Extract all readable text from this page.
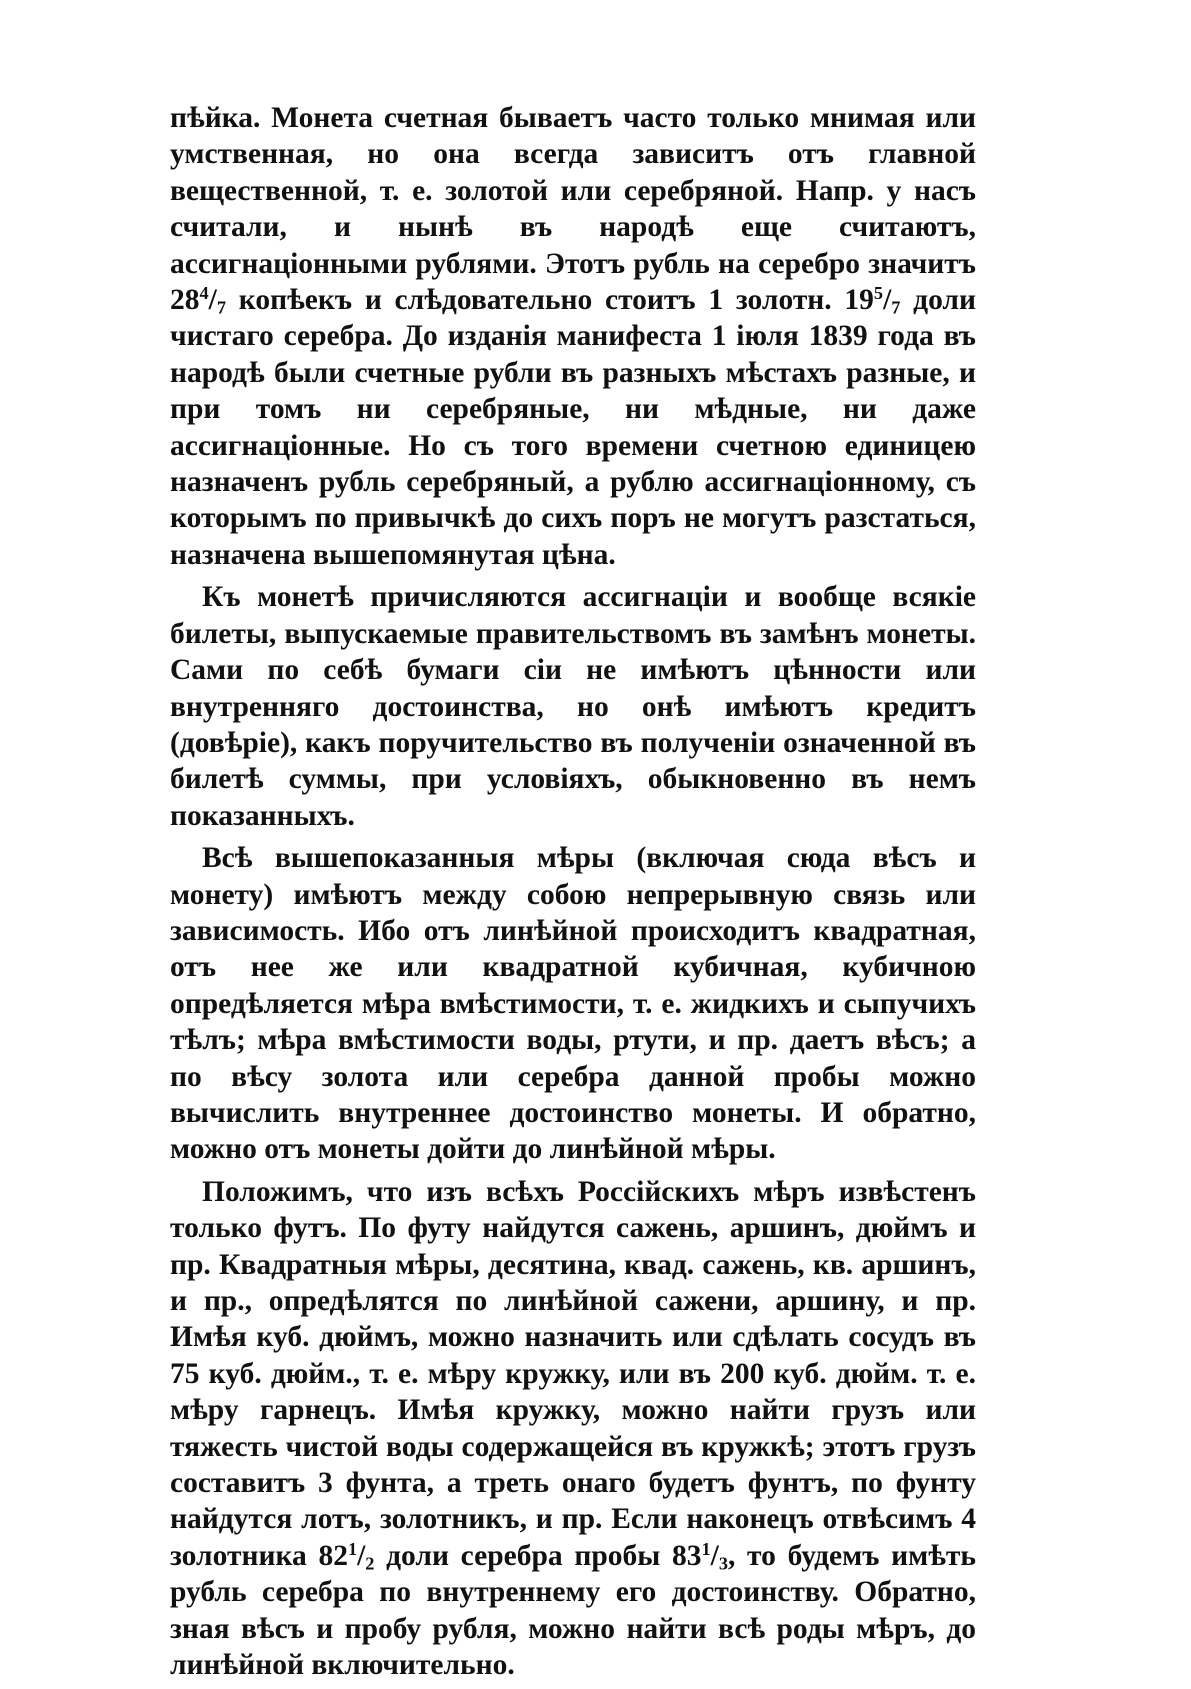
пѣйка. Монета счетная бываетъ часто только мнимая или умственная, но она всегда зависитъ отъ главной вещественной, т. е. золотой или серебряной. Напр. у насъ считали, и нынѣ въ народѣ еще считаютъ, ассигнаціонными рублями. Этотъ рубль на серебро значитъ $28^4/_7$ копѣекъ и слѣдовательно стоитъ 1 золотн. $19^5/_7$ доли чистаго серебра. До изданія манифеста 1 іюля 1839 года въ народѣ были счетные рубли въ разныхъ мѣстахъ разные, и при томъ ни серебряные, ни мѣдные, ни даже ассигнаціонные. Но съ того времени счетною единицею назначенъ рубль серебряный, а рублю ассигнаціонному, съ которымъ по привычкѣ до сихъ поръ не могутъ разстаться, назначена вышепомянутая цѣна.

Къ монетѣ причисляются ассигнаціи и вообще всякіе билеты, выпускаемые правительствомъ въ замѣнъ монеты. Сами по себѣ бумаги сіи не имѣютъ цѣнности или внутренняго достоинства, но онѣ имѣютъ кредитъ (довѣріе), какъ поручительство въ полученіи означенной въ билетѣ суммы, при условіяхъ, обыкновенно въ немъ показанныхъ.

Всѣ вышепоказанныя мѣры (включая сюда вѣсъ и монету) имѣютъ между собою непрерывную связь или зависимость. Ибо отъ линѣйной происходитъ квадратная, отъ нее же или квадратной кубичная, кубичною опредѣляется мѣра вмѣстимости, т. е. жидкихъ и сыпучихъ тѣлъ; мѣра вмѣстимости воды, ртути, и пр. даетъ вѣсъ; а по вѣсу золота или серебра данной пробы можно вычислить внутреннее достоинство монеты. И обратно, можно отъ монеты дойти до линѣйной мѣры.

Положимъ, что изъ всѣхъ Россійскихъ мѣръ извѣстенъ только футъ. По футу найдутся сажень, аршинъ, дюймъ и пр. Квадратныя мѣры, десятина, квад. сажень, кв. аршинъ, и пр., опредѣлятся по линѣйной сажени, аршину, и пр. Имѣя куб. дюймъ, можно назначить или сдѣлать сосудъ въ 75 куб. дюйм., т. е. мѣру кружку, или въ 200 куб. дюйм. т. е. мѣру гарнецъ. Имѣя кружку, можно найти грузъ или тяжесть чистой воды содержащейся въ кружкѣ; этотъ грузъ составитъ 3 фунта, а треть онаго будетъ фунтъ, по фунту найдутся лотъ, золотникъ, и пр. Если наконецъ отвѣсимъ 4 золотника $82^1/_2$ доли серебра пробы $83^1/_3$, то будемъ имѣть рубль серебра по внутреннему его достоинству. Обратно, зная вѣсъ и пробу рубля, можно найти всѣ роды мѣръ, до линѣйной включительно.
